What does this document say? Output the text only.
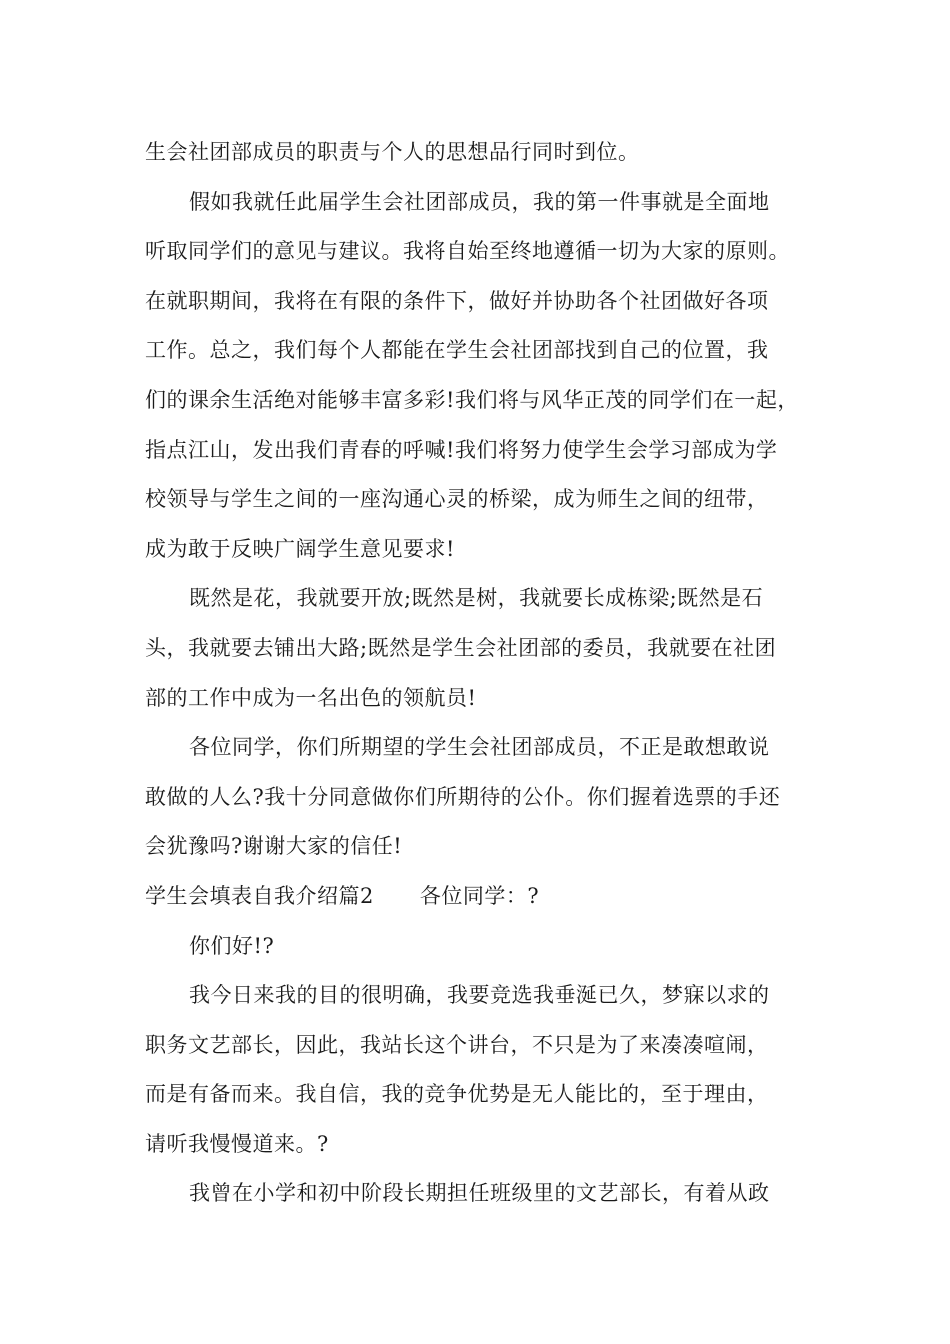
生会社团部成员的职责与个人的思想品行同时到位。
假如我就任此届学生会社团部成员，我的第一件事就是全面地
听取同学们的意见与建议。我将自始至终地遵循一切为大家的原则。
在就职期间，我将在有限的条件下，做好并协助各个社团做好各项
工作。总之，我们每个人都能在学生会社团部找到自己的位置，我
们的课余生活绝对能够丰富多彩!我们将与风华正茂的同学们在一起，
指点江山，发出我们青春的呼喊!我们将努力使学生会学习部成为学
校领导与学生之间的一座沟通心灵的桥梁，成为师生之间的纽带，
成为敢于反映广阔学生意见要求!
既然是花，我就要开放;既然是树，我就要长成栋梁;既然是石
头，我就要去铺出大路;既然是学生会社团部的委员，我就要在社团
部的工作中成为一名出色的领航员!
各位同学，你们所期望的学生会社团部成员，不正是敢想敢说
敢做的人么?我十分同意做你们所期待的公仆。你们握着选票的手还
会犹豫吗?谢谢大家的信任!
学生会填表自我介绍篇2 各位同学：?
你们好!?
我今日来我的目的很明确，我要竞选我垂涎已久，梦寐以求的
职务文艺部长，因此，我站长这个讲台，不只是为了来凑凑喧闹，
而是有备而来。我自信，我的竞争优势是无人能比的，至于理由，
请听我慢慢道来。?
我曾在小学和初中阶段长期担任班级里的文艺部长，有着从政
